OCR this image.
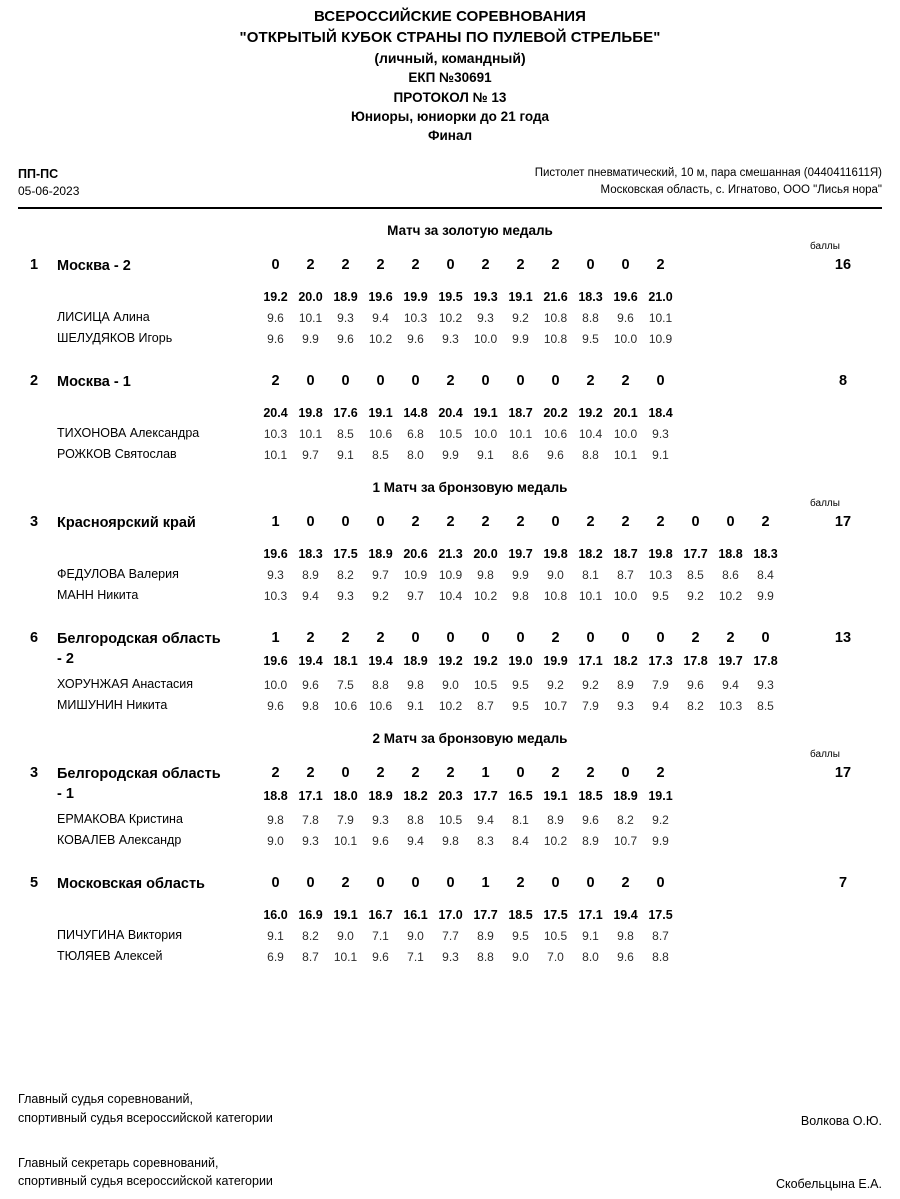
ВСЕРОССИЙСКИЕ СОРЕВНОВАНИЯ
"ОТКРЫТЫЙ КУБОК СТРАНЫ ПО ПУЛЕВОЙ СТРЕЛЬБЕ"
(личный, командный)
ЕКП №30691
ПРОТОКОЛ № 13
Юниоры, юниорки до 21 года
Финал
ПП-ПС
05-06-2023
Пистолет пневматический, 10 м, пара смешанная (0440411611Я)
Московская область, с. Игнатово, ООО "Лисья нора"
Матч за золотую медаль
баллы
1	Москва - 2	0	2	2	2	2	0	2	2	2	0	0	2	16
19.2 20.0 18.9 19.6 19.9 19.5 19.3 19.1 21.6 18.3 19.6 21.0
ЛИСИЦА Алина	9.6	10.1	9.3	9.4	10.3 10.2	9.3	9.2	10.8	8.8	9.6	10.1
ШЕЛУДЯКОВ Игорь	9.6	9.9	9.6	10.2	9.6	9.3	10.0	9.9	10.8	9.5	10.0 10.9
2	Москва - 1	2	0	0	0	0	2	0	0	0	2	2	0	8
20.4 19.8 17.6 19.1 14.8 20.4 19.1 18.7 20.2 19.2 20.1 18.4
ТИХОНОВА Александра	10.3 10.1	8.5	10.6	6.8	10.5 10.0 10.1 10.6 10.4 10.0	9.3
РОЖКОВ Святослав	10.1	9.7	9.1	8.5	8.0	9.9	9.1	8.6	9.6	8.8	10.1	9.1
1 Матч за бронзовую медаль
баллы
3	Красноярский край	1	0	0	0	2	2	2	2	0	2	2	2	0	0	2	17
19.6 18.3 17.5 18.9 20.6 21.3 20.0 19.7 19.8 18.2 18.7 19.8 17.7 18.8 18.3
ФЕДУЛОВА Валерия	9.3	8.9	8.2	9.7	10.9 10.9	9.8	9.9	9.0	8.1	8.7	10.3	8.5	8.6	8.4
МАНН Никита	10.3	9.4	9.3	9.2	9.7	10.4 10.2	9.8	10.8 10.1 10.0	9.5	9.2	10.2	9.9
6	Белгородская область - 2
1	2	2	2	0	0	0	0	2	0	0	0	2	2	0	13
19.6 19.4 18.1 19.4 18.9 19.2 19.2 19.0 19.9 17.1 18.2 17.3 17.8 19.7 17.8
ХОРУНЖАЯ Анастасия	10.0	9.6	7.5	8.8	9.8	9.0	10.5	9.5	9.2	9.2	8.9	7.9	9.6	9.4	9.3
МИШУНИН Никита	9.6	9.8	10.6 10.6	9.1	10.2	8.7	9.5	10.7	7.9	9.3	9.4	8.2	10.3	8.5
2 Матч за бронзовую медаль
баллы
3	Белгородская область - 1
2	2	0	2	2	2	1	0	2	2	0	2	17
18.8 17.1 18.0 18.9 18.2 20.3 17.7 16.5 19.1 18.5 18.9 19.1
ЕРМАКОВА Кристина	9.8	7.8	7.9	9.3	8.8	10.5	9.4	8.1	8.9	9.6	8.2	9.2
КОВАЛЕВ Александр	9.0	9.3	10.1	9.6	9.4	9.8	8.3	8.4	10.2	8.9	10.7	9.9
5	Московская область	0	0	2	0	0	0	1	2	0	0	2	0	7
16.0 16.9 19.1 16.7 16.1 17.0 17.7 18.5 17.5 17.1 19.4 17.5
ПИЧУГИНА Виктория	9.1	8.2	9.0	7.1	9.0	7.7	8.9	9.5	10.5	9.1	9.8	8.7
ТЮЛЯЕВ Алексей	6.9	8.7	10.1	9.6	7.1	9.3	8.8	9.0	7.0	8.0	9.6	8.8
Главный судья соревнований,
спортивный судья всероссийской категории	Волкова О.Ю.
Главный секретарь соревнований,
спортивный судья всероссийской категории	Скобельцына Е.А.
